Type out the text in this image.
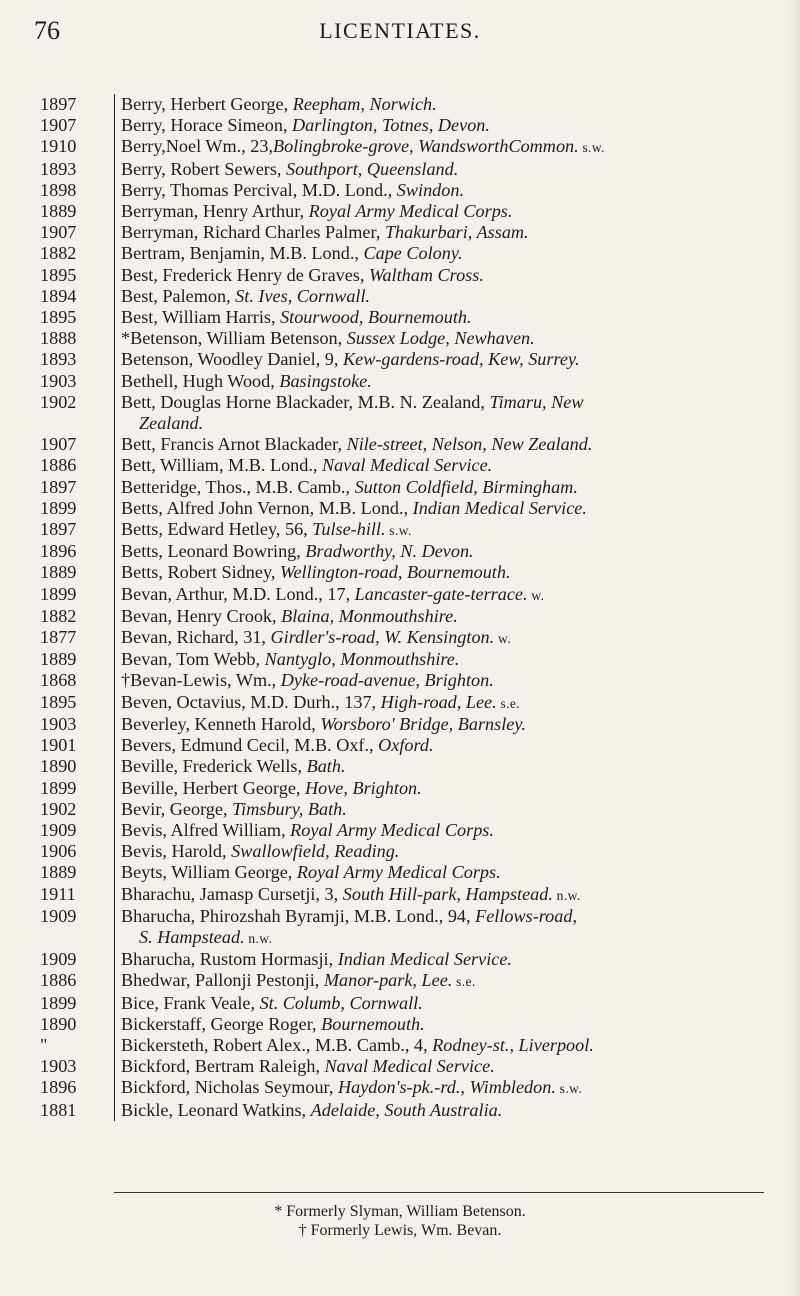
76	LICENTIATES.
1897	Berry, Herbert George, Reepham, Norwich.
1907	Berry, Horace Simeon, Darlington, Totnes, Devon.
1910	Berry,Noel Wm., 23,Bolingbroke-grove, WandsworthCommon. s.w.
1893	Berry, Robert Sewers, Southport, Queensland.
1898	Berry, Thomas Percival, M.D. Lond., Swindon.
1889	Berryman, Henry Arthur, Royal Army Medical Corps.
1907	Berryman, Richard Charles Palmer, Thakurbari, Assam.
1882	Bertram, Benjamin, M.B. Lond., Cape Colony.
1895	Best, Frederick Henry de Graves, Waltham Cross.
1894	Best, Palemon, St. Ives, Cornwall.
1895	Best, William Harris, Stourwood, Bournemouth.
1888	*Betenson, William Betenson, Sussex Lodge, Newhaven.
1893	Betenson, Woodley Daniel, 9, Kew-gardens-road, Kew, Surrey.
1903	Bethell, Hugh Wood, Basingstoke.
1902	Bett, Douglas Horne Blackader, M.B. N. Zealand, Timaru, New
Zealand.
1907	Bett, Francis Arnot Blackader, Nile-street, Nelson, New Zealand.
1886	Bett, William, M.B. Lond., Naval Medical Service.
1897	Betteridge, Thos., M.B. Camb., Sutton Coldfield, Birmingham.
1899	Betts, Alfred John Vernon, M.B. Lond., Indian Medical Service.
1897	Betts, Edward Hetley, 56, Tulse-hill. s.w.
1896	Betts, Leonard Bowring, Bradworthy, N. Devon.
1889	Betts, Robert Sidney, Wellington-road, Bournemouth.
1899	Bevan, Arthur, M.D. Lond., 17, Lancaster-gate-terrace. w.
1882	Bevan, Henry Crook, Blaina, Monmouthshire.
1877	Bevan, Richard, 31, Girdler's-road, W. Kensington. w.
1889	Bevan, Tom Webb, Nantyglo, Monmouthshire.
1868	†Bevan-Lewis, Wm., Dyke-road-avenue, Brighton.
1895	Beven, Octavius, M.D. Durh., 137, High-road, Lee. s.e.
1903	Beverley, Kenneth Harold, Worsboro' Bridge, Barnsley.
1901	Bevers, Edmund Cecil, M.B. Oxf., Oxford.
1890	Beville, Frederick Wells, Bath.
1899	Beville, Herbert George, Hove, Brighton.
1902	Bevir, George, Timsbury, Bath.
1909	Bevis, Alfred William, Royal Army Medical Corps.
1906	Bevis, Harold, Swallowfield, Reading.
1889	Beyts, William George, Royal Army Medical Corps.
1911	Bharachu, Jamasp Cursetji, 3, South Hill-park, Hampstead. n.w.
1909	Bharucha, Phirozshah Byramji, M.B. Lond., 94, Fellows-road,
S. Hampstead. n.w.
1909	Bharucha, Rustom Hormasji, Indian Medical Service.
1886	Bhedwar, Pallonji Pestonji, Manor-park, Lee. s.e.
1899	Bice, Frank Veale, St. Columb, Cornwall.
1890	Bickerstaff, George Roger, Bournemouth.
"	Bickersteth, Robert Alex., M.B. Camb., 4, Rodney-st., Liverpool.
1903	Bickford, Bertram Raleigh, Naval Medical Service.
1896	Bickford, Nicholas Seymour, Haydon's-pk.-rd., Wimbledon. s.w.
1881	Bickle, Leonard Watkins, Adelaide, South Australia.
* Formerly Slyman, William Betenson.
† Formerly Lewis, Wm. Bevan.
